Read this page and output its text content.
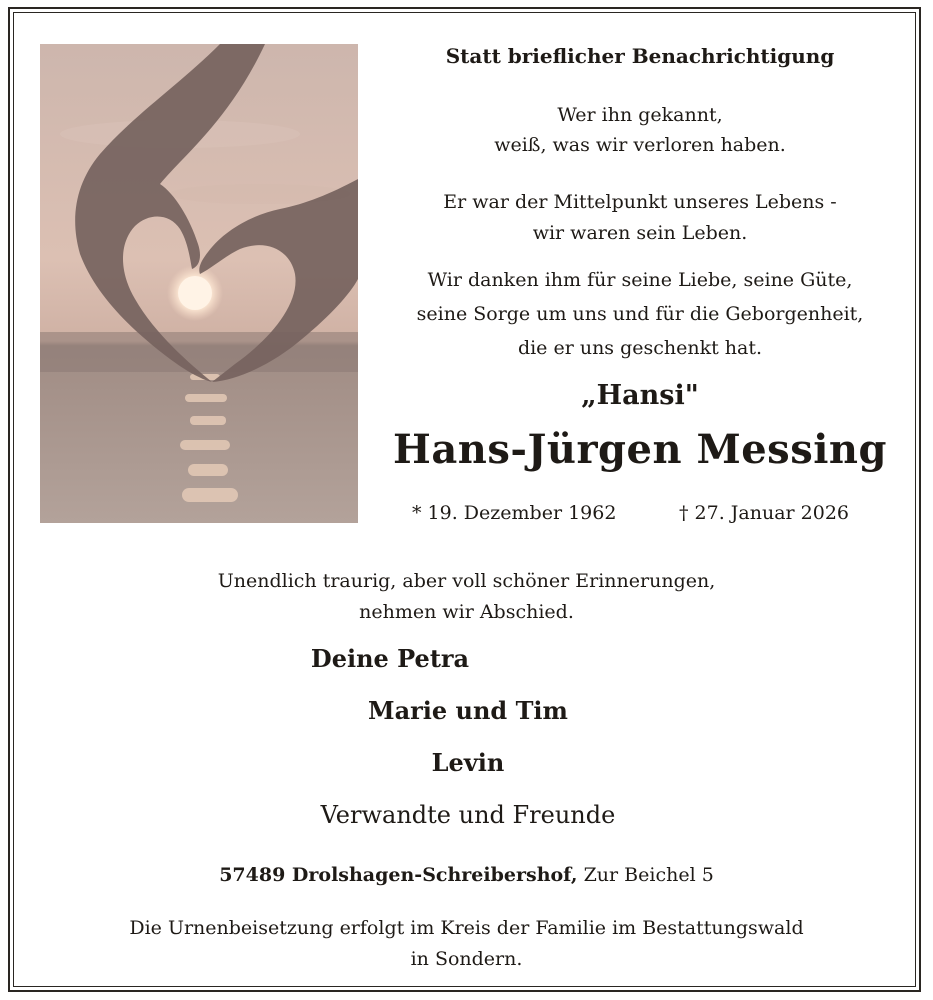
Statt brieflicher Benachrichtigung
Wer ihn gekannt,
weiß, was wir verloren haben.
Er war der Mittelpunkt unseres Lebens -
wir waren sein Leben.
Wir danken ihm für seine Liebe, seine Güte,
seine Sorge um uns und für die Geborgenheit,
die er uns geschenkt hat.
„Hansi"
Hans-Jürgen Messing
* 19. Dezember 1962	† 27. Januar 2026
Unendlich traurig, aber voll schöner Erinnerungen,
nehmen wir Abschied.
Deine Petra
Marie und Tim
Levin
Verwandte und Freunde
57489 Drolshagen-Schreibershof, Zur Beichel 5
Die Urnenbeisetzung erfolgt im Kreis der Familie im Bestattungswald
in Sondern.
